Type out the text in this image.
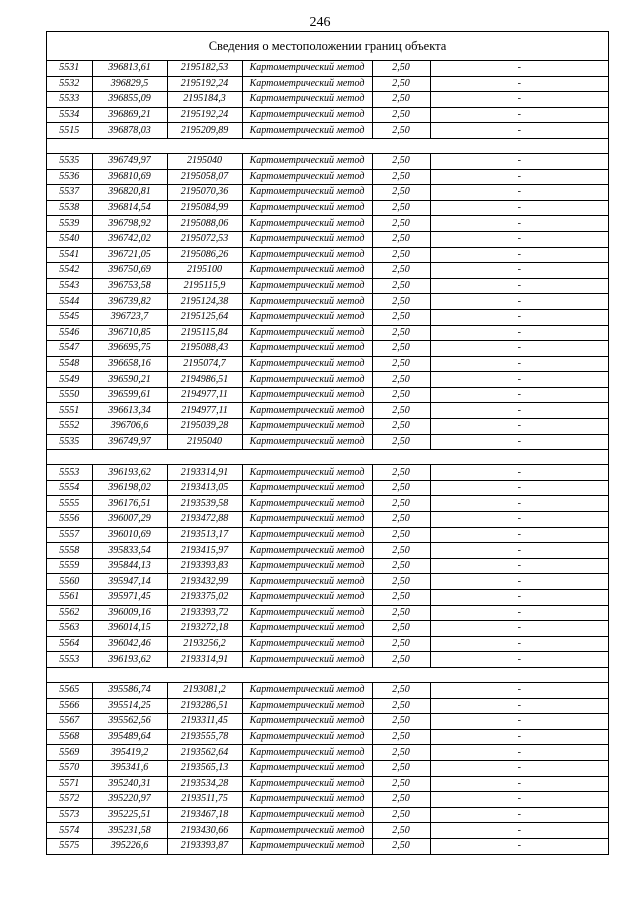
246
Сведения о местоположении границ объекта
5531	396813,61	2195182,53	Картометрический метод	2,50	-
5532	396829,5	2195192,24	Картометрический метод	2,50	-
5533	396855,09	2195184,3	Картометрический метод	2,50	-
5534	396869,21	2195192,24	Картометрический метод	2,50	-
5515	396878,03	2195209,89	Картометрический метод	2,50	-

5535	396749,97	2195040	Картометрический метод	2,50	-
5536	396810,69	2195058,07	Картометрический метод	2,50	-
5537	396820,81	2195070,36	Картометрический метод	2,50	-
5538	396814,54	2195084,99	Картометрический метод	2,50	-
5539	396798,92	2195088,06	Картометрический метод	2,50	-
5540	396742,02	2195072,53	Картометрический метод	2,50	-
5541	396721,05	2195086,26	Картометрический метод	2,50	-
5542	396750,69	2195100	Картометрический метод	2,50	-
5543	396753,58	2195115,9	Картометрический метод	2,50	-
5544	396739,82	2195124,38	Картометрический метод	2,50	-
5545	396723,7	2195125,64	Картометрический метод	2,50	-
5546	396710,85	2195115,84	Картометрический метод	2,50	-
5547	396695,75	2195088,43	Картометрический метод	2,50	-
5548	396658,16	2195074,7	Картометрический метод	2,50	-
5549	396590,21	2194986,51	Картометрический метод	2,50	-
5550	396599,61	2194977,11	Картометрический метод	2,50	-
5551	396613,34	2194977,11	Картометрический метод	2,50	-
5552	396706,6	2195039,28	Картометрический метод	2,50	-
5535	396749,97	2195040	Картометрический метод	2,50	-

5553	396193,62	2193314,91	Картометрический метод	2,50	-
5554	396198,02	2193413,05	Картометрический метод	2,50	-
5555	396176,51	2193539,58	Картометрический метод	2,50	-
5556	396007,29	2193472,88	Картометрический метод	2,50	-
5557	396010,69	2193513,17	Картометрический метод	2,50	-
5558	395833,54	2193415,97	Картометрический метод	2,50	-
5559	395844,13	2193393,83	Картометрический метод	2,50	-
5560	395947,14	2193432,99	Картометрический метод	2,50	-
5561	395971,45	2193375,02	Картометрический метод	2,50	-
5562	396009,16	2193393,72	Картометрический метод	2,50	-
5563	396014,15	2193272,18	Картометрический метод	2,50	-
5564	396042,46	2193256,2	Картометрический метод	2,50	-
5553	396193,62	2193314,91	Картометрический метод	2,50	-

5565	395586,74	2193081,2	Картометрический метод	2,50	-
5566	395514,25	2193286,51	Картометрический метод	2,50	-
5567	395562,56	2193311,45	Картометрический метод	2,50	-
5568	395489,64	2193555,78	Картометрический метод	2,50	-
5569	395419,2	2193562,64	Картометрический метод	2,50	-
5570	395341,6	2193565,13	Картометрический метод	2,50	-
5571	395240,31	2193534,28	Картометрический метод	2,50	-
5572	395220,97	2193511,75	Картометрический метод	2,50	-
5573	395225,51	2193467,18	Картометрический метод	2,50	-
5574	395231,58	2193430,66	Картометрический метод	2,50	-
5575	395226,6	2193393,87	Картометрический метод	2,50	-
